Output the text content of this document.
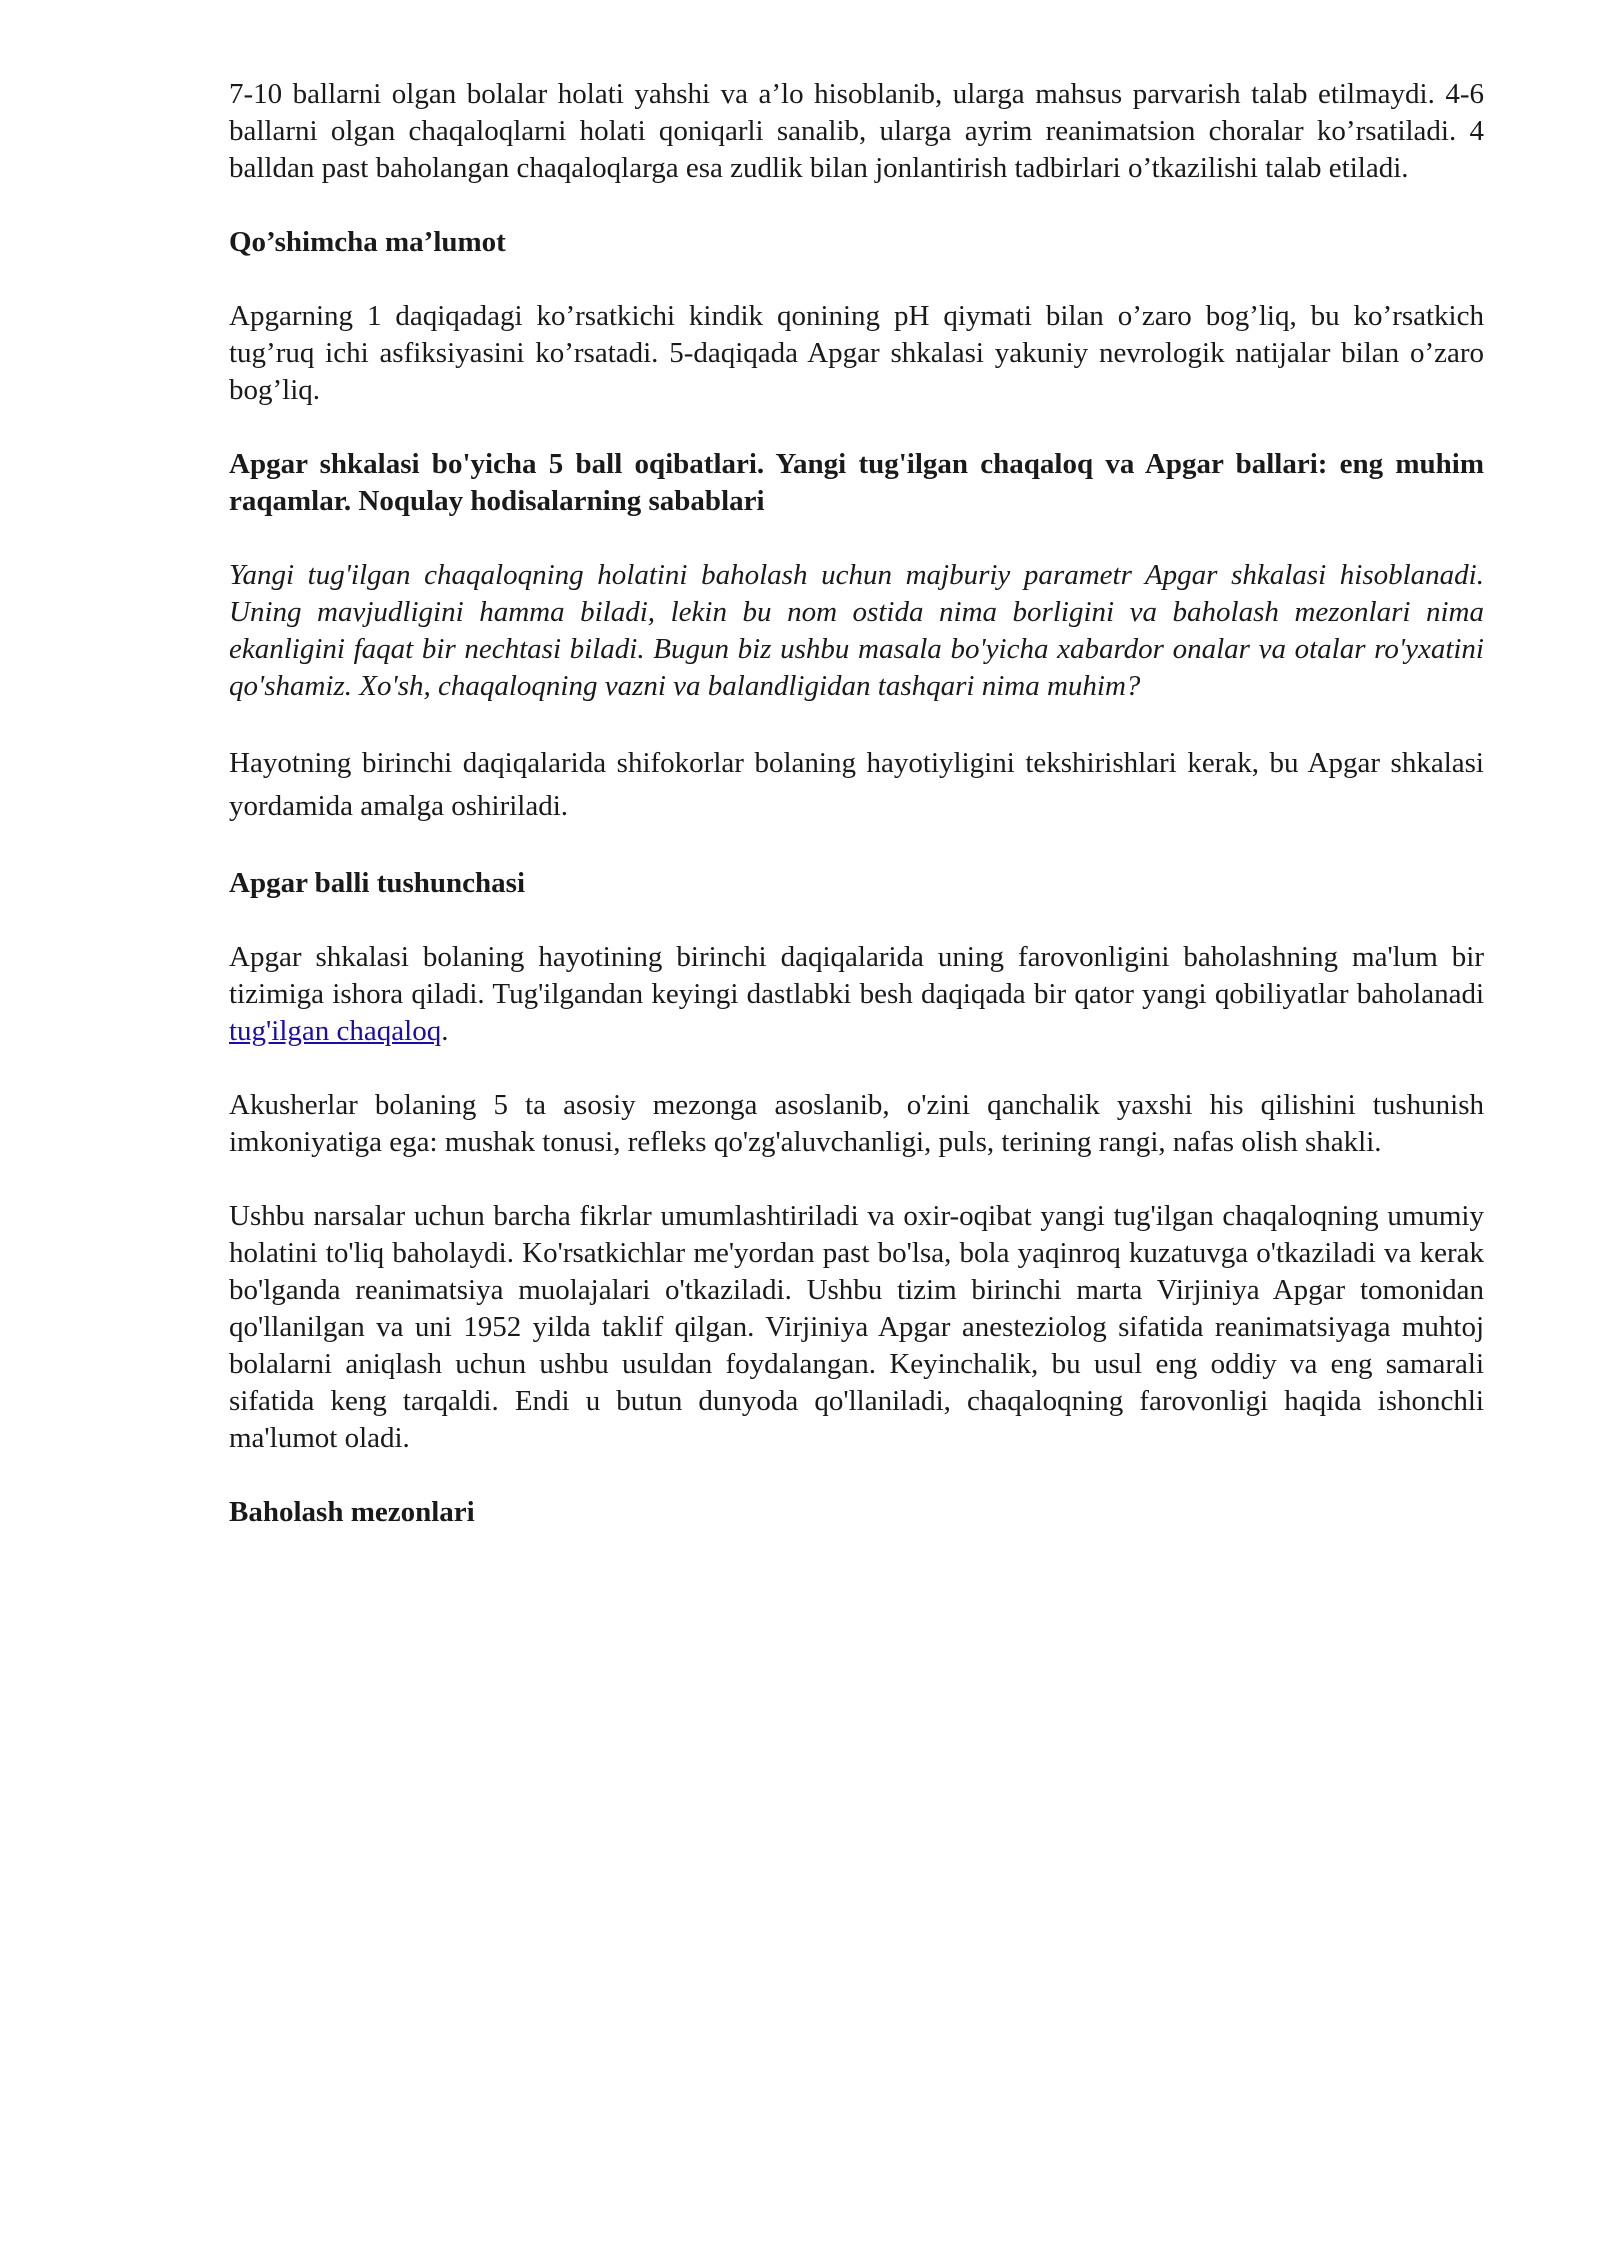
7-10 ballarni olgan bolalar holati yahshi va a’lo hisoblanib, ularga mahsus parvarish talab etilmaydi. 4-6 ballarni olgan chaqaloqlarni holati qoniqarli sanalib, ularga ayrim reanimatsion choralar ko’rsatiladi. 4 balldan past baholangan chaqaloqlarga esa zudlik bilan jonlantirish tadbirlari o’tkazilishi talab etiladi.

Qo’shimcha ma’lumot

Apgarning 1 daqiqadagi ko’rsatkichi kindik qonining pH qiymati bilan o’zaro bog’liq, bu ko’rsatkich tug’ruq ichi asfiksiyasini ko’rsatadi. 5-daqiqada Apgar shkalasi yakuniy nevrologik natijalar bilan o’zaro bog’liq.

Apgar shkalasi bo'yicha 5 ball oqibatlari. Yangi tug'ilgan chaqaloq va Apgar ballari: eng muhim raqamlar. Noqulay hodisalarning sabablari

Yangi tug'ilgan chaqaloqning holatini baholash uchun majburiy parametr Apgar shkalasi hisoblanadi. Uning mavjudligini hamma biladi, lekin bu nom ostida nima borligini va baholash mezonlari nima ekanligini faqat bir nechtasi biladi. Bugun biz ushbu masala bo'yicha xabardor onalar va otalar ro'yxatini qo'shamiz. Xo'sh, chaqaloqning vazni va balandligidan tashqari nima muhim?

Hayotning birinchi daqiqalarida shifokorlar bolaning hayotiyligini tekshirishlari kerak, bu Apgar shkalasi yordamida amalga oshiriladi.

Apgar balli tushunchasi

Apgar shkalasi bolaning hayotining birinchi daqiqalarida uning farovonligini baholashning ma'lum bir tizimiga ishora qiladi. Tug'ilgandan keyingi dastlabki besh daqiqada bir qator yangi qobiliyatlar baholanadi tug'ilgan chaqaloq.

Akusherlar bolaning 5 ta asosiy mezonga asoslanib, o'zini qanchalik yaxshi his qilishini tushunish imkoniyatiga ega: mushak tonusi, refleks qo'zg'aluvchanligi, puls, terining rangi, nafas olish shakli.

Ushbu narsalar uchun barcha fikrlar umumlashtiriladi va oxir-oqibat yangi tug'ilgan chaqaloqning umumiy holatini to'liq baholaydi. Ko'rsatkichlar me'yordan past bo'lsa, bola yaqinroq kuzatuvga o'tkaziladi va kerak bo'lganda reanimatsiya muolajalari o'tkaziladi. Ushbu tizim birinchi marta Virjiniya Apgar tomonidan qo'llanilgan va uni 1952 yilda taklif qilgan. Virjiniya Apgar anesteziolog sifatida reanimatsiyaga muhtoj bolalarni aniqlash uchun ushbu usuldan foydalangan. Keyinchalik, bu usul eng oddiy va eng samarali sifatida keng tarqaldi. Endi u butun dunyoda qo'llaniladi, chaqaloqning farovonligi haqida ishonchli ma'lumot oladi.

Baholash mezonlari
